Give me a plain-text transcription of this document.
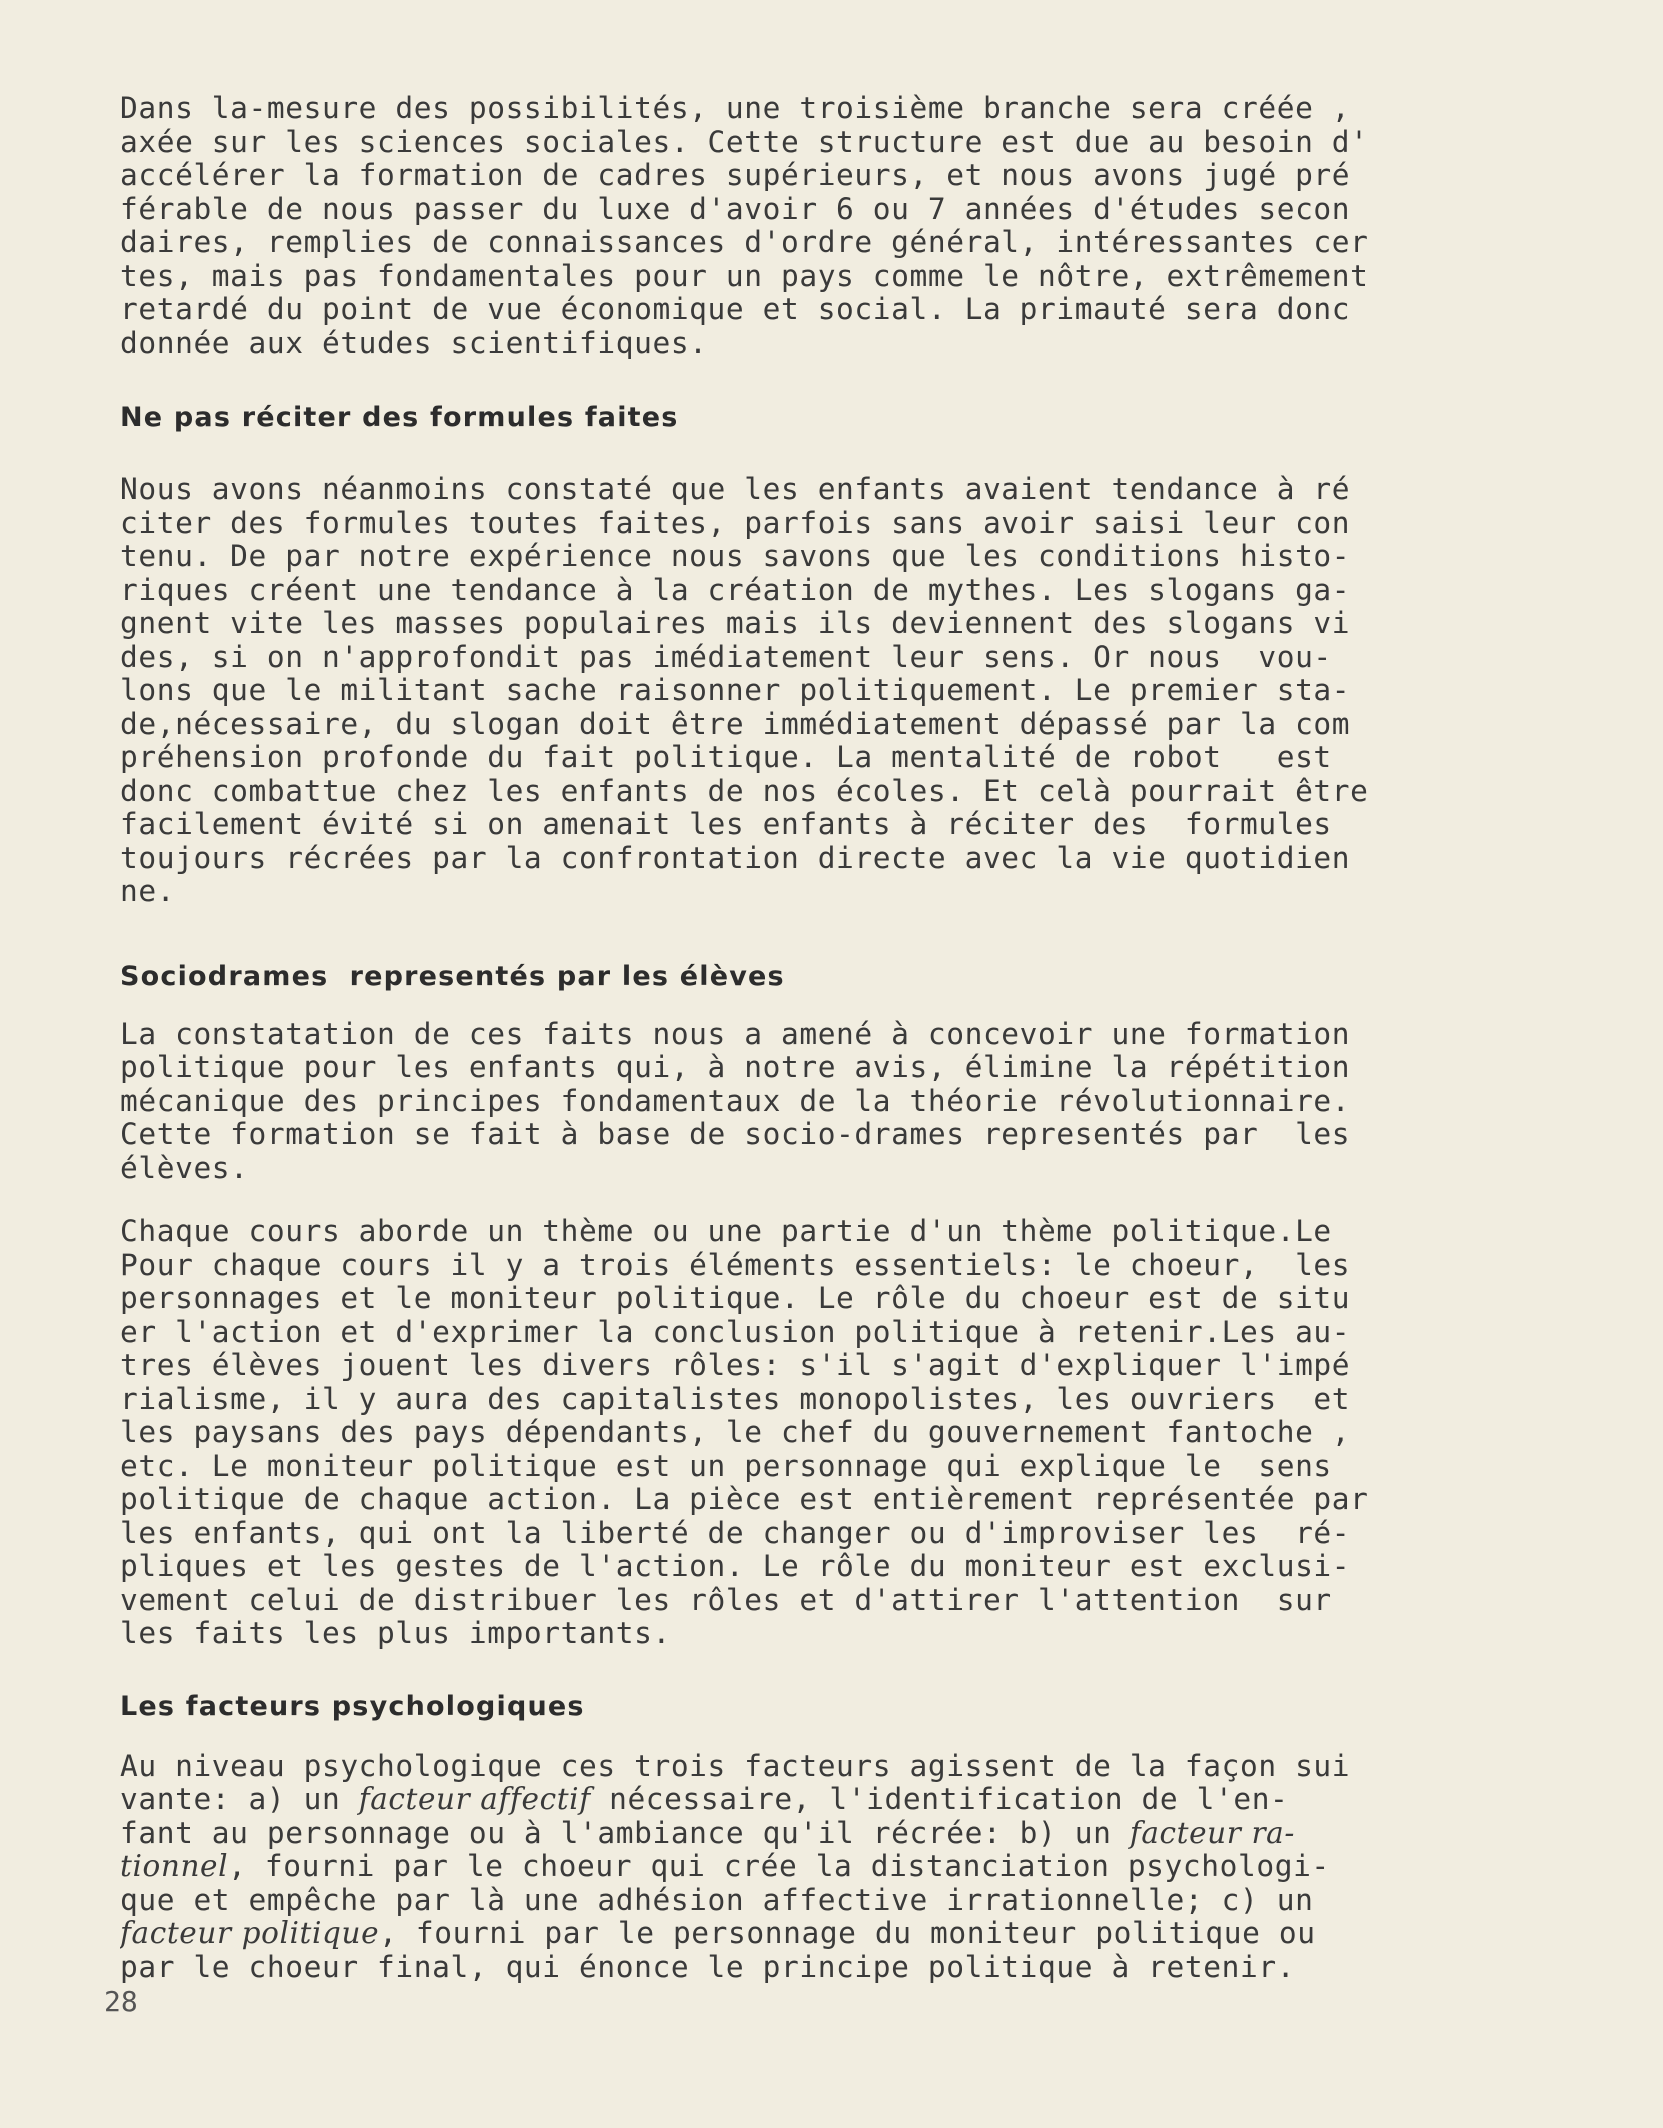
Dans la-mesure des possibilités, une troisième branche sera créée ,
axée sur les sciences sociales. Cette structure est due au besoin d'
accélérer la formation de cadres supérieurs, et nous avons jugé pré
férable de nous passer du luxe d'avoir 6 ou 7 années d'études secon
daires, remplies de connaissances d'ordre général, intéressantes cer
tes, mais pas fondamentales pour un pays comme le nôtre, extrêmement
retardé du point de vue économique et social. La primauté sera donc
donnée aux études scientifiques.
Ne pas réciter des formules faites
Nous avons néanmoins constaté que les enfants avaient tendance à ré
citer des formules toutes faites, parfois sans avoir saisi leur con
tenu. De par notre expérience nous savons que les conditions histo-
riques créent une tendance à la création de mythes. Les slogans ga-
gnent vite les masses populaires mais ils deviennent des slogans vi
des, si on n'approfondit pas imédiatement leur sens. Or nous  vou-
lons que le militant sache raisonner politiquement. Le premier sta-
de,nécessaire, du slogan doit être immédiatement dépassé par la com
préhension profonde du fait politique. La mentalité de robot   est
donc combattue chez les enfants de nos écoles. Et celà pourrait être
facilement évité si on amenait les enfants à réciter des  formules
toujours récrées par la confrontation directe avec la vie quotidien
ne.
Sociodrames  representés par les élèves
La constatation de ces faits nous a amené à concevoir une formation
politique pour les enfants qui, à notre avis, élimine la répétition
mécanique des principes fondamentaux de la théorie révolutionnaire.
Cette formation se fait à base de socio-drames representés par  les
élèves.
Chaque cours aborde un thème ou une partie d'un thème politique.Le
Pour chaque cours il y a trois éléments essentiels: le choeur,  les
personnages et le moniteur politique. Le rôle du choeur est de situ
er l'action et d'exprimer la conclusion politique à retenir.Les au-
tres élèves jouent les divers rôles: s'il s'agit d'expliquer l'impé
rialisme, il y aura des capitalistes monopolistes, les ouvriers  et
les paysans des pays dépendants, le chef du gouvernement fantoche ,
etc. Le moniteur politique est un personnage qui explique le  sens
politique de chaque action. La pièce est entièrement représentée par
les enfants, qui ont la liberté de changer ou d'improviser les  ré-
pliques et les gestes de l'action. Le rôle du moniteur est exclusi-
vement celui de distribuer les rôles et d'attirer l'attention  sur
les faits les plus importants.
Les facteurs psychologiques
Au niveau psychologique ces trois facteurs agissent de la façon sui
vante: a) un facteur affectif nécessaire, l'identification de l'en-
fant au personnage ou à l'ambiance qu'il récrée: b) un facteur ra-
tionnel, fourni par le choeur qui crée la distanciation psychologi-
que et empêche par là une adhésion affective irrationnelle; c) un
facteur politique, fourni par le personnage du moniteur politique ou
par le choeur final, qui énonce le principe politique à retenir.
28
